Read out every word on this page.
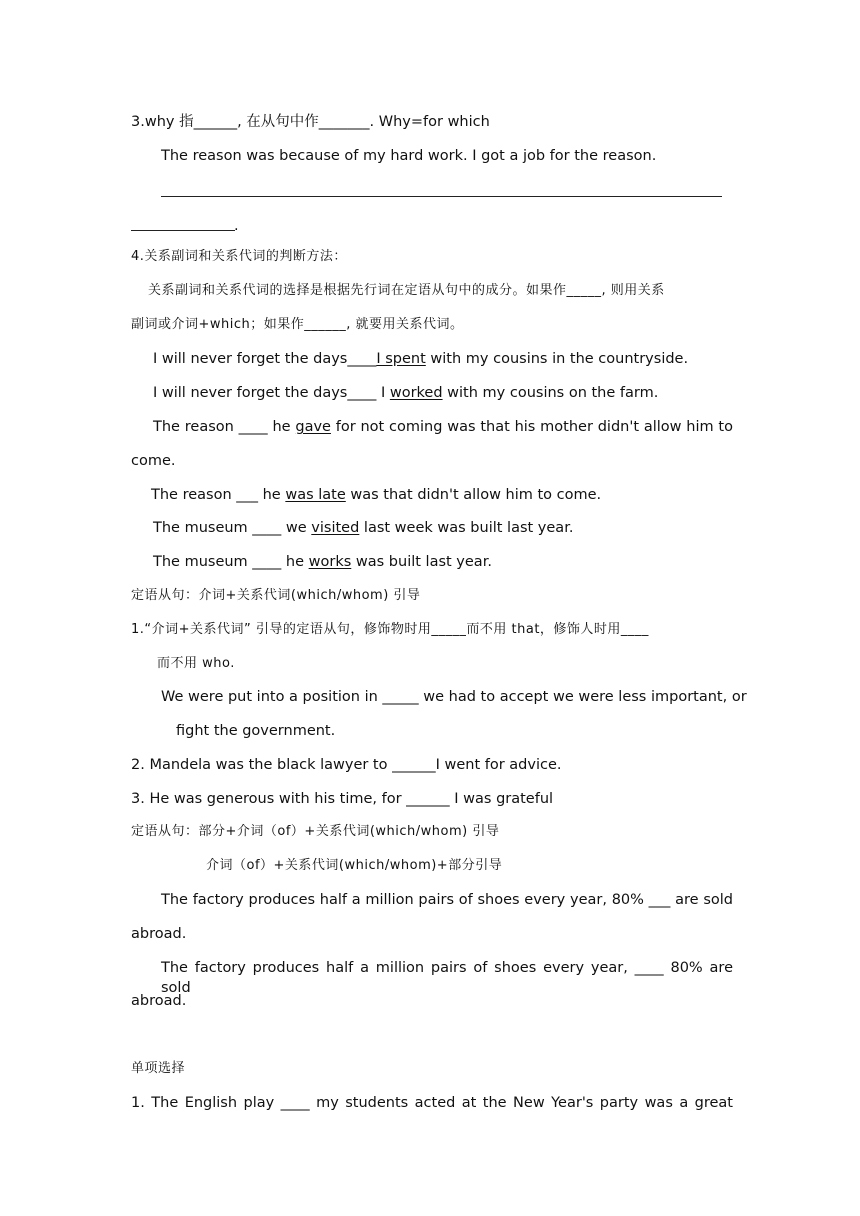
3.why 指______, 在从句中作_______. Why=for which
The reason was because of my hard work. I got a job for the reason.
.
4.关系副词和关系代词的判断方法：
关系副词和关系代词的选择是根据先行词在定语从句中的成分。如果作_____, 则用关系
副词或介词+which；如果作______, 就要用关系代词。
I will never forget the days____I spent with my cousins in the countryside.
I will never forget the days____ I worked with my cousins on the farm.
The reason ____ he gave for not coming was that his mother didn't allow him to
come.
The reason ___ he was late was that didn't allow him to come.
The museum ____ we visited last week was built last year.
The museum ____ he works was built last year.
定语从句：介词+关系代词(which/whom) 引导
1.“介词+关系代词” 引导的定语从句，修饰物时用_____而不用 that，修饰人时用____
而不用 who.
We were put into a position in _____ we had to accept we were less important, or
fight the government.
2. Mandela was the black lawyer to ______I went for advice.
3. He was generous with his time, for ______ I was grateful
定语从句：部分+介词（of）+关系代词(which/whom) 引导
介词（of）+关系代词(which/whom)+部分引导
The factory produces half a million pairs of shoes every year, 80% ___ are sold
abroad.
The factory produces half a million pairs of shoes every year, ____ 80% are sold
abroad.
单项选择
1. The English play ____ my students acted at the New Year's party was a great
